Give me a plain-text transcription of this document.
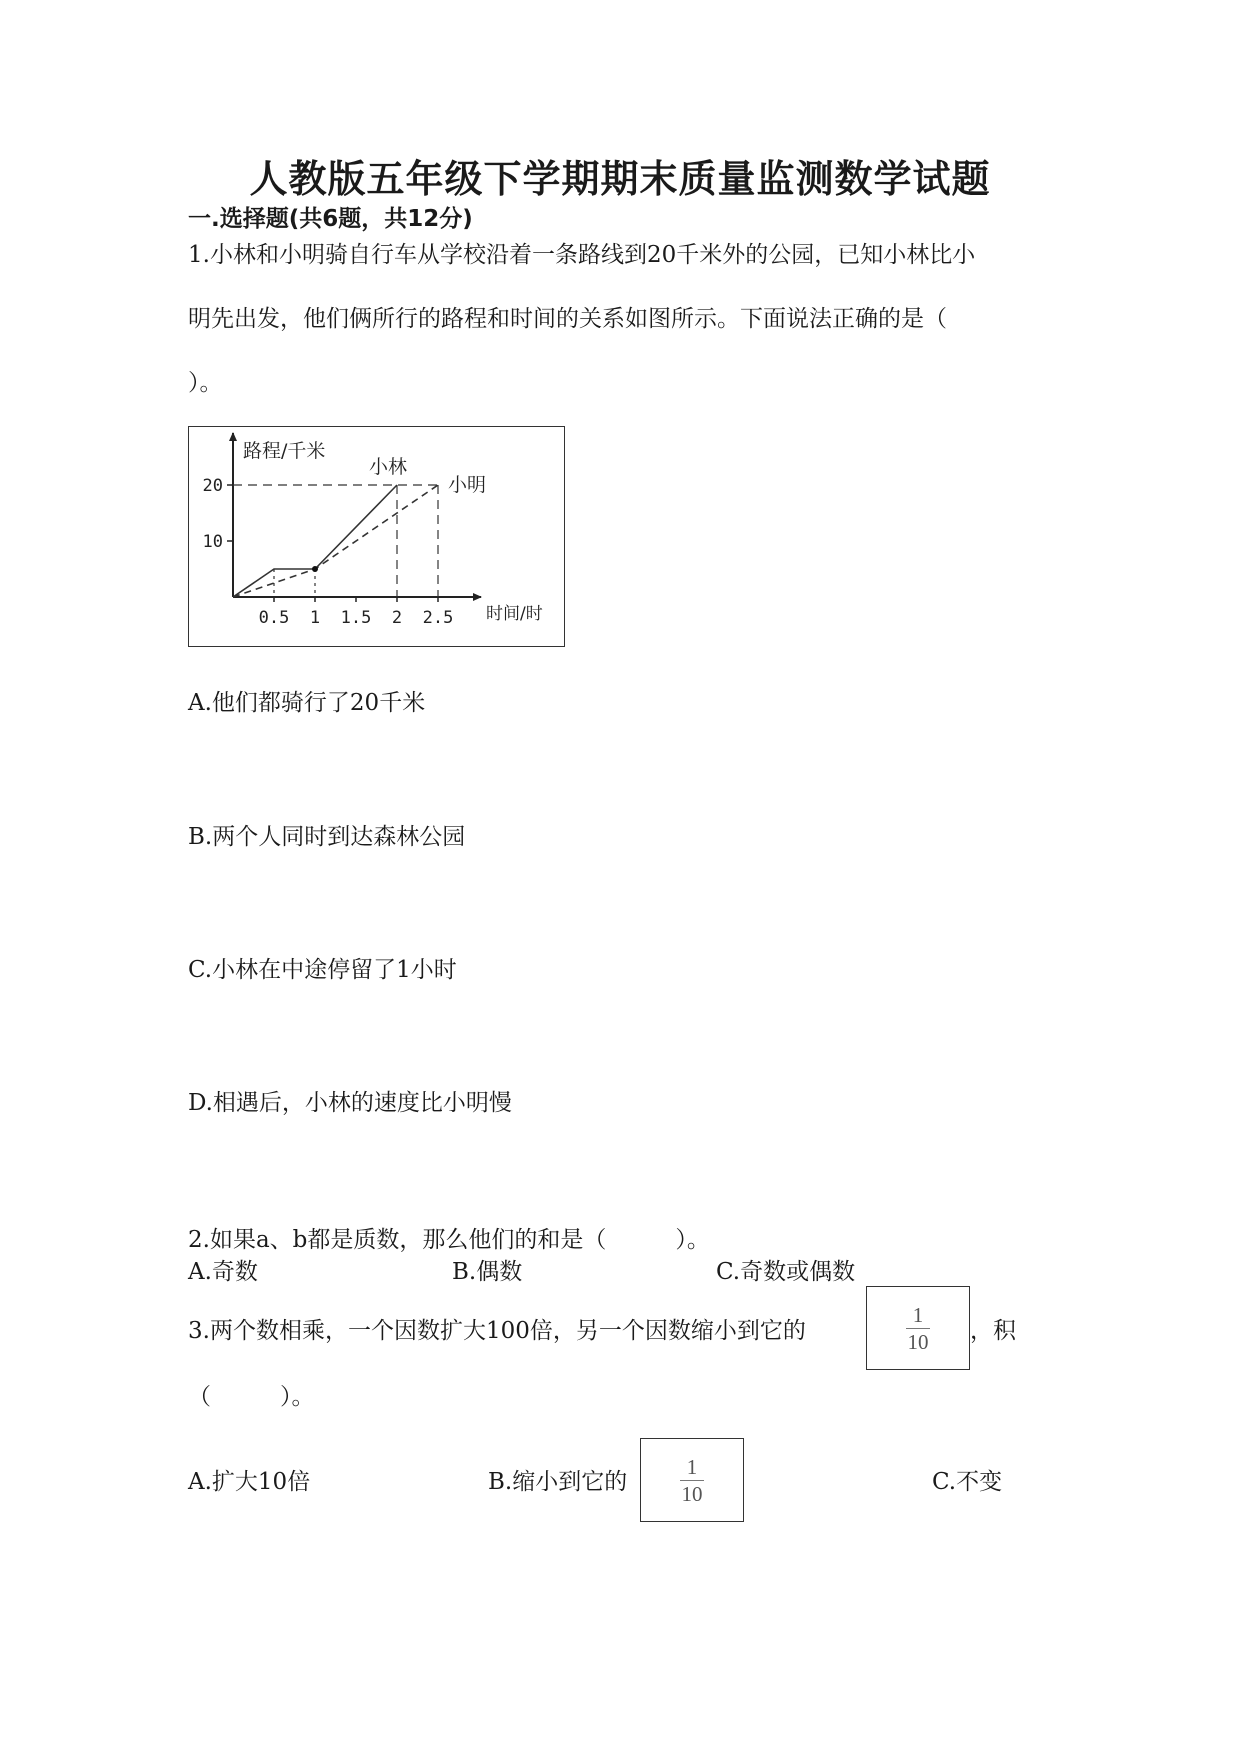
人教版五年级下学期期末质量监测数学试题
一.选择题(共6题，共12分)
1.小林和小明骑自行车从学校沿着一条路线到20千米外的公园，已知小林比小
明先出发，他们俩所行的路程和时间的关系如图所示。下面说法正确的是（
）。
路程/千米
时间/时
10
20
0.5 1 1.5 2 2.5
小林
小明
A.他们都骑行了20千米
B.两个人同时到达森林公园
C.小林在中途停留了1小时
D.相遇后，小林的速度比小明慢
2.如果a、b都是质数，那么他们的和是（　　　）。
A.奇数	B.偶数	C.奇数或偶数
3.两个数相乘，一个因数扩大100倍，另一个因数缩小到它的
1
10 ，积
（　　　）。
A.扩大10倍	B.缩小到它的
1
10	C.不变
